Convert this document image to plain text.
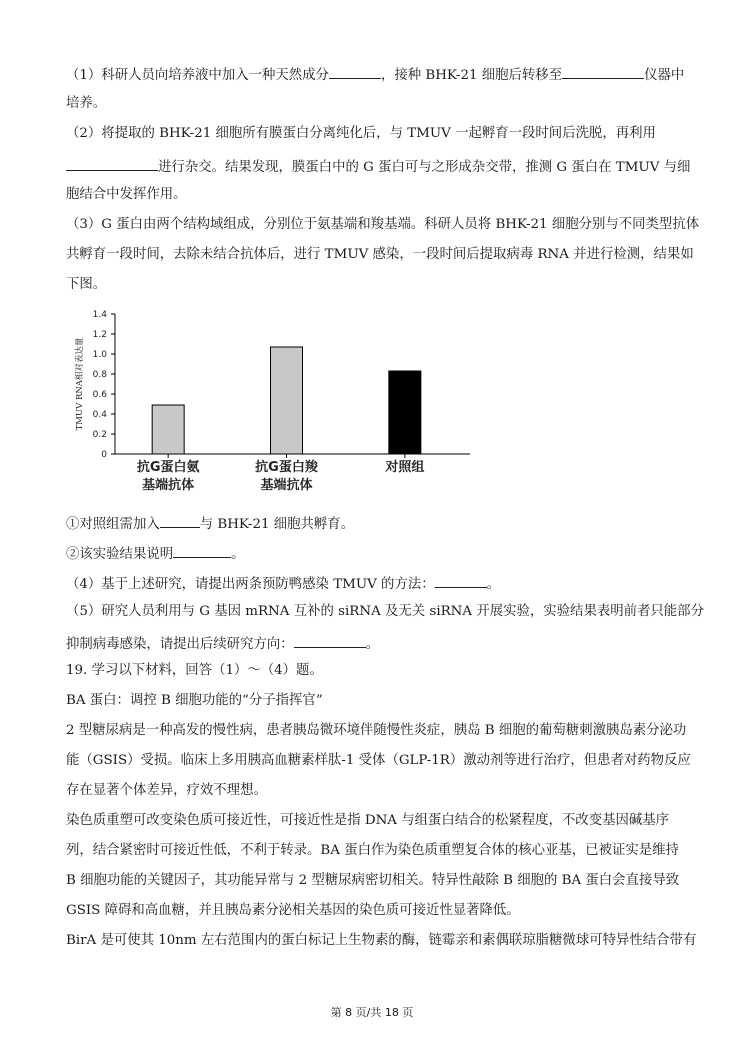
（1）科研人员向培养液中加入一种天然成分	，接种 BHK-21 细胞后转移至	仪器中
培养。
（2）将提取的 BHK-21 细胞所有膜蛋白分离纯化后，与 TMUV 一起孵育一段时间后洗脱，再利用
进行杂交。结果发现，膜蛋白中的 G 蛋白可与之形成杂交带，推测 G 蛋白在 TMUV 与细
胞结合中发挥作用。
（3）G 蛋白由两个结构域组成，分别位于氨基端和羧基端。科研人员将 BHK-21 细胞分别与不同类型抗体
共孵育一段时间，去除未结合抗体后，进行 TMUV 感染，一段时间后提取病毒 RNA 并进行检测，结果如
下图。
0
0.2
0.4
0.6
0.8
1.0
1.2
1.4
TMUV RNA相对表达量
抗G蛋白氨
基端抗体
抗G蛋白羧
基端抗体
对照组
①对照组需加入	与 BHK-21 细胞共孵育。
②该实验结果说明	。
（4）基于上述研究，请提出两条预防鸭感染 TMUV 的方法：	。
（5）研究人员利用与 G 基因 mRNA 互补的 siRNA 及无关 siRNA 开展实验，实验结果表明前者只能部分
抑制病毒感染，请提出后续研究方向：	。
19. 学习以下材料，回答（1）～（4）题。
BA 蛋白：调控 B 细胞功能的“分子指挥官”
2 型糖尿病是一种高发的慢性病，患者胰岛微环境伴随慢性炎症，胰岛 B 细胞的葡萄糖刺激胰岛素分泌功
能（GSIS）受损。临床上多用胰高血糖素样肽-1 受体（GLP-1R）激动剂等进行治疗，但患者对药物反应
存在显著个体差异，疗效不理想。
染色质重塑可改变染色质可接近性，可接近性是指 DNA 与组蛋白结合的松紧程度，不改变基因碱基序
列，结合紧密时可接近性低，不利于转录。BA 蛋白作为染色质重塑复合体的核心亚基，已被证实是维持
B 细胞功能的关键因子，其功能异常与 2 型糖尿病密切相关。特异性敲除 B 细胞的 BA 蛋白会直接导致
GSIS 障碍和高血糖，并且胰岛素分泌相关基因的染色质可接近性显著降低。
BirA 是可使其 10nm 左右范围内的蛋白标记上生物素的酶，链霉亲和素偶联琼脂糖微球可特异性结合带有
第 8 页/共 18 页
